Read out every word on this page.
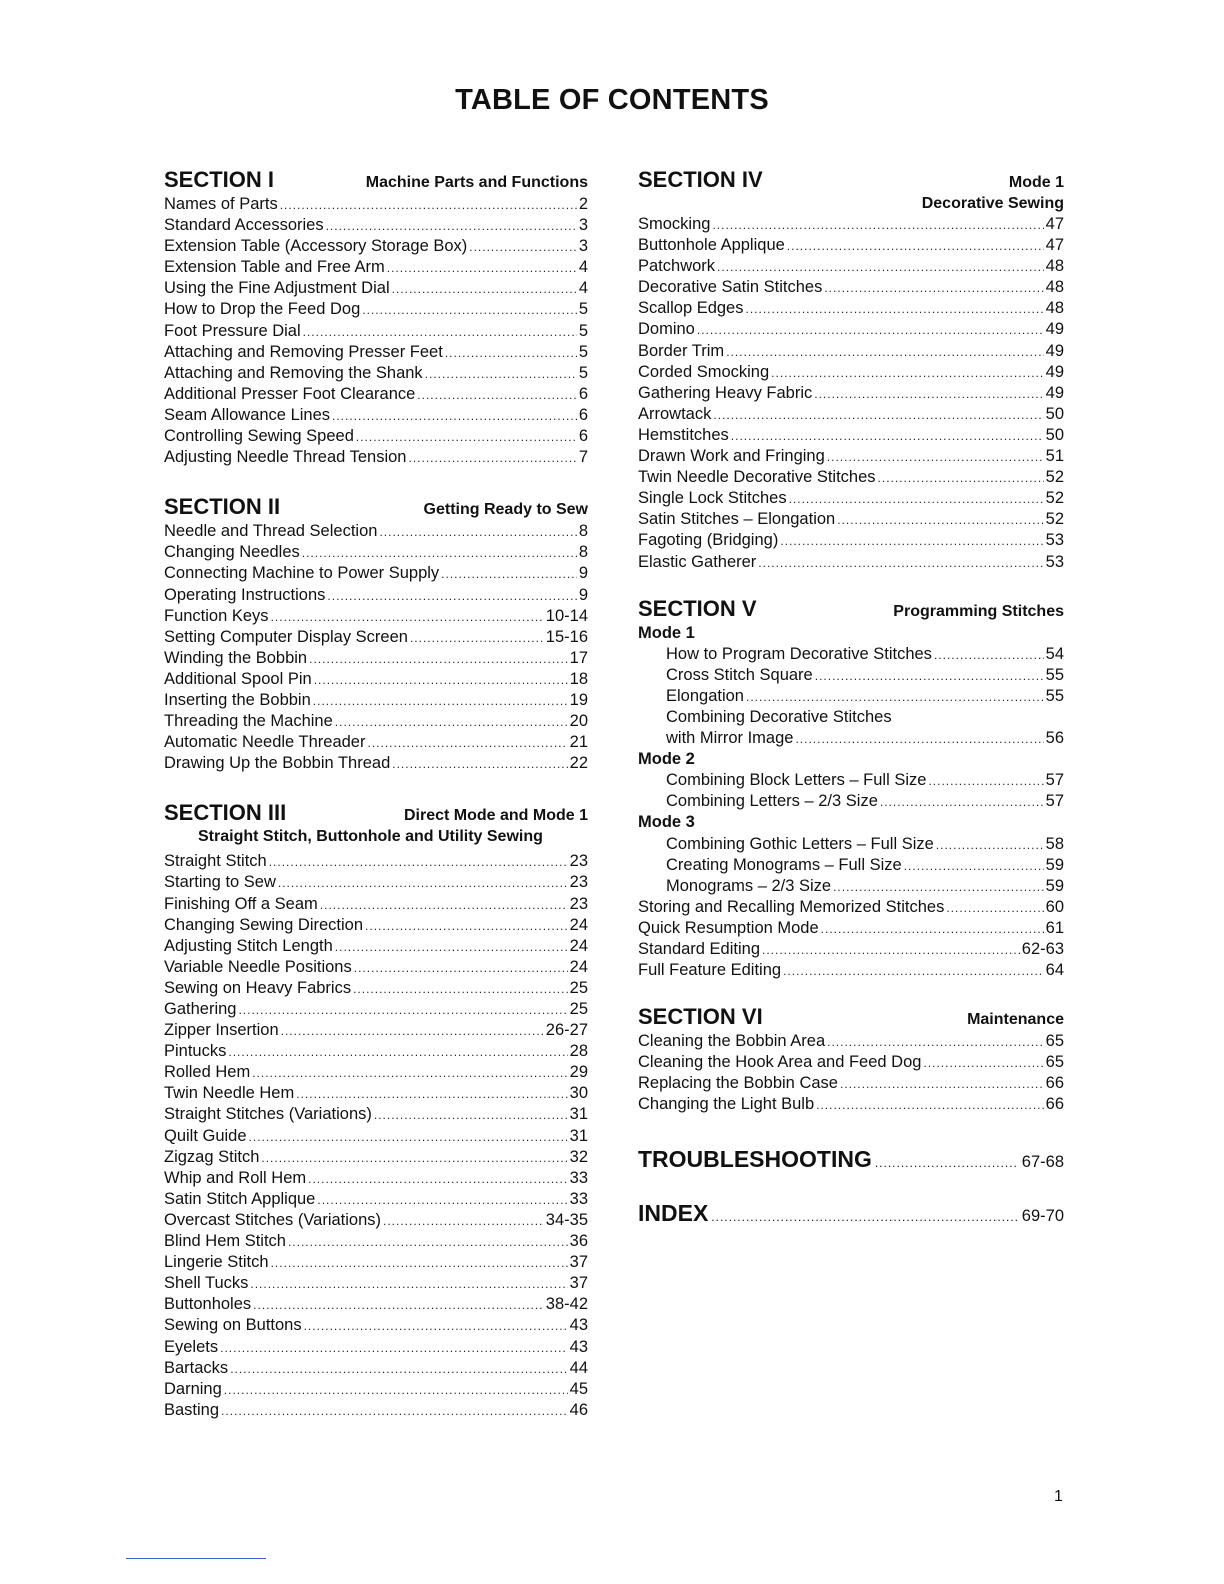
TABLE OF CONTENTS
SECTION I	Machine Parts and Functions
Names of Parts .....	2
Standard Accessories .....	3
Extension Table (Accessory Storage Box) .....	3
Extension Table and Free Arm .....	4
Using the Fine Adjustment Dial .....	4
How to Drop the Feed Dog .....	5
Foot Pressure Dial .....	5
Attaching and Removing Presser Feet .....	5
Attaching and Removing the Shank .....	5
Additional Presser Foot Clearance .....	6
Seam Allowance Lines .....	6
Controlling Sewing Speed .....	6
Adjusting Needle Thread Tension .....	7
SECTION II	Getting Ready to Sew
Needle and Thread Selection .....	8
Changing Needles .....	8
Connecting Machine to Power Supply .....	9
Operating Instructions .....	9
Function Keys .....	10-14
Setting Computer Display Screen .....	15-16
Winding the Bobbin .....	17
Additional Spool Pin .....	18
Inserting the Bobbin .....	19
Threading the Machine .....	20
Automatic Needle Threader .....	21
Drawing Up the Bobbin Thread .....	22
SECTION III	Direct Mode and Mode 1
Straight Stitch, Buttonhole and Utility Sewing
Straight Stitch .....	23
Starting to Sew .....	23
Finishing Off a Seam .....	23
Changing Sewing Direction .....	24
Adjusting Stitch Length .....	24
Variable Needle Positions .....	24
Sewing on Heavy Fabrics .....	25
Gathering .....	25
Zipper Insertion .....	26-27
Pintucks .....	28
Rolled Hem .....	29
Twin Needle Hem .....	30
Straight Stitches (Variations) .....	31
Quilt Guide .....	31
Zigzag Stitch .....	32
Whip and Roll Hem .....	33
Satin Stitch Applique .....	33
Overcast Stitches (Variations) .....	34-35
Blind Hem Stitch .....	36
Lingerie Stitch .....	37
Shell Tucks .....	37
Buttonholes .....	38-42
Sewing on Buttons .....	43
Eyelets .....	43
Bartacks .....	44
Darning .....	45
Basting .....	46
SECTION IV	Mode 1
Decorative Sewing
Smocking .....	47
Buttonhole Applique .....	47
Patchwork .....	48
Decorative Satin Stitches .....	48
Scallop Edges .....	48
Domino .....	49
Border Trim .....	49
Corded Smocking .....	49
Gathering Heavy Fabric .....	49
Arrowtack .....	50
Hemstitches .....	50
Drawn Work and Fringing .....	51
Twin Needle Decorative Stitches .....	52
Single Lock Stitches .....	52
Satin Stitches – Elongation .....	52
Fagoting (Bridging) .....	53
Elastic Gatherer .....	53
SECTION V	Programming Stitches
Mode 1
How to Program Decorative Stitches .....	54
Cross Stitch Square .....	55
Elongation .....	55
Combining Decorative Stitches
with Mirror Image .....	56
Mode 2
Combining Block Letters – Full Size .....	57
Combining Letters – 2/3 Size .....	57
Mode 3
Combining Gothic Letters – Full Size .....	58
Creating Monograms – Full Size .....	59
Monograms – 2/3 Size .....	59
Storing and Recalling Memorized Stitches .....	60
Quick Resumption Mode .....	61
Standard Editing .....	62-63
Full Feature Editing .....	64
SECTION VI	Maintenance
Cleaning the Bobbin Area .....	65
Cleaning the Hook Area and Feed Dog .....	65
Replacing the Bobbin Case .....	66
Changing the Light Bulb .....	66
TROUBLESHOOTING .....	67-68
INDEX .....	69-70
1
